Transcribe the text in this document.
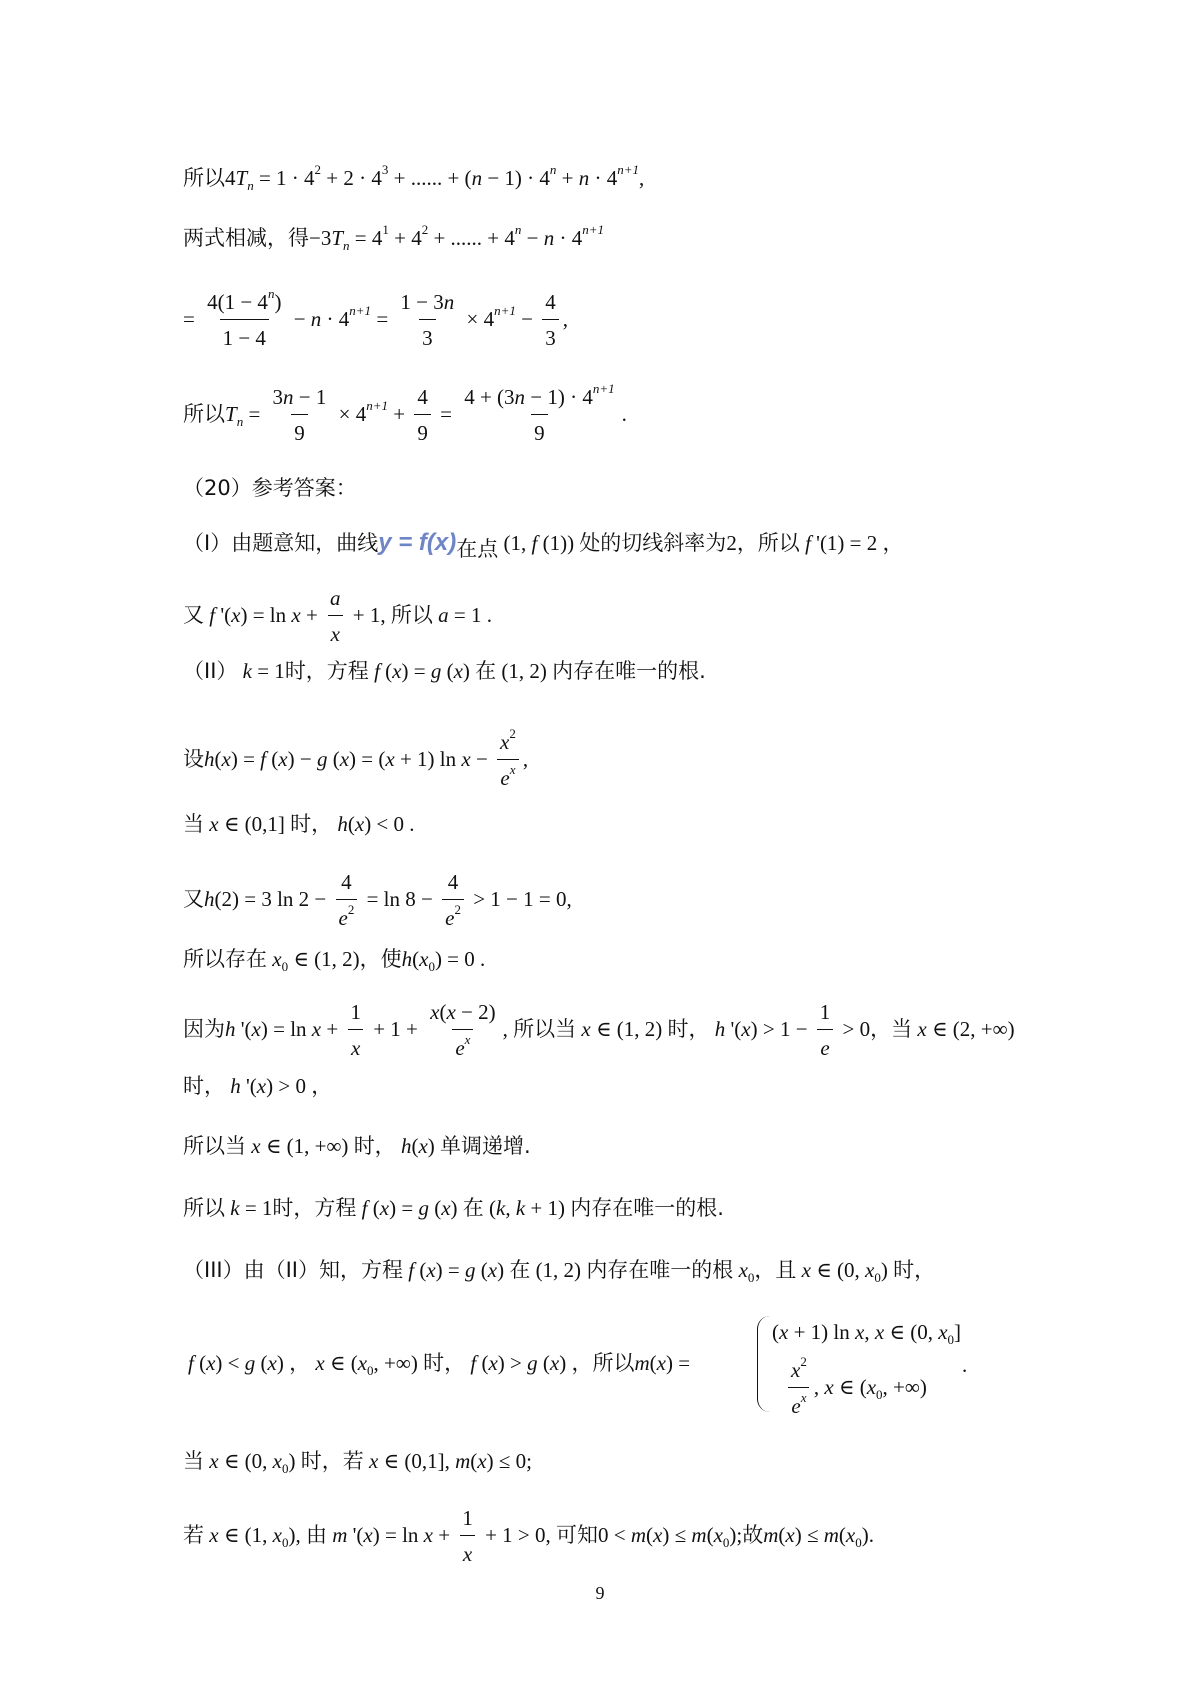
所以$4T_n = 1 \cdot 4^2 + 2 \cdot 4^3$ + ...... + $(n - 1) \cdot 4^n + n \cdot 4^{n+1}$,
两式相减，得$-3T_n = 4^1 + 4^2$ + ...... + $4^n - n \cdot 4^{n+1}$
= $\frac{4(1 - 4^n)}{1 - 4} - n \cdot 4^{n+1} = \frac{1 - 3n}{3} \times 4^{n+1} - \frac{4}{3}$ ,
所以$T_n = \frac{3n - 1}{9} \times 4^{n+1} + \frac{4}{9} = \frac{4 + (3n - 1) \cdot 4^{n+1}}{9}$ .
（20）参考答案：
（I）由题意知，曲线y = f(x)在点 (1, f (1)) 处的切线斜率为2，所以 f '(1) = 2 ，
又 f '$(x) = \ln x + \frac{a}{x} + 1$, 所以 a = 1 .
（II） k = 1时，方程 f (x) = g (x) 在 (1, 2) 内存在唯一的根.
设h(x) = f (x) − g (x) = (x + 1) $\ln x - \frac{x^2}{e^x}$ ,
当 x ∈ (0,1] 时， h(x) < 0 .
又h(2) = 3 $\ln 2 - \frac{4}{e^2} = \ln 8 - \frac{4}{e^2} > 1 - 1 = 0$,
所以存在 $x_0$ ∈ (1, 2)，使$h(x_0) = 0$ .
因为h '$(x) = \ln x + \frac{1}{x} + 1 + \frac{x(x - 2)}{e^x}$ , 所以当 x ∈ (1, 2) 时， h '$(x) > 1 - \frac{1}{e} > 0$，当 x ∈ (2, +∞)
时， h '(x) > 0 ，
所以当 x ∈ (1, +∞) 时， h(x) 单调递增.
所以 k = 1时，方程 f (x) = g (x) 在 (k, k + 1) 内存在唯一的根.
（III）由（II）知，方程 f (x) = g (x) 在 (1, 2) 内存在唯一的根 $x_0$，且 x ∈ (0, $x_0$) 时，
f (x) < g (x) ， x ∈ ($x_0$, +∞) 时， f (x) > g (x) ，所以m(x) =
(x + 1) ln x, x ∈ (0, $x_0$]
$\frac{x^2}{e^x}$ , x ∈ ($x_0$, +∞)
.
当 x ∈ (0, $x_0$) 时，若 x ∈ (0,1], m(x) ≤ 0;
若 x ∈ (1, $x_0$), 由 m '$(x) = \ln x + \frac{1}{x} + 1 > 0$, 可知$0 < m(x) \le m(x_0)$;故$m(x) \le m(x_0)$.
9
